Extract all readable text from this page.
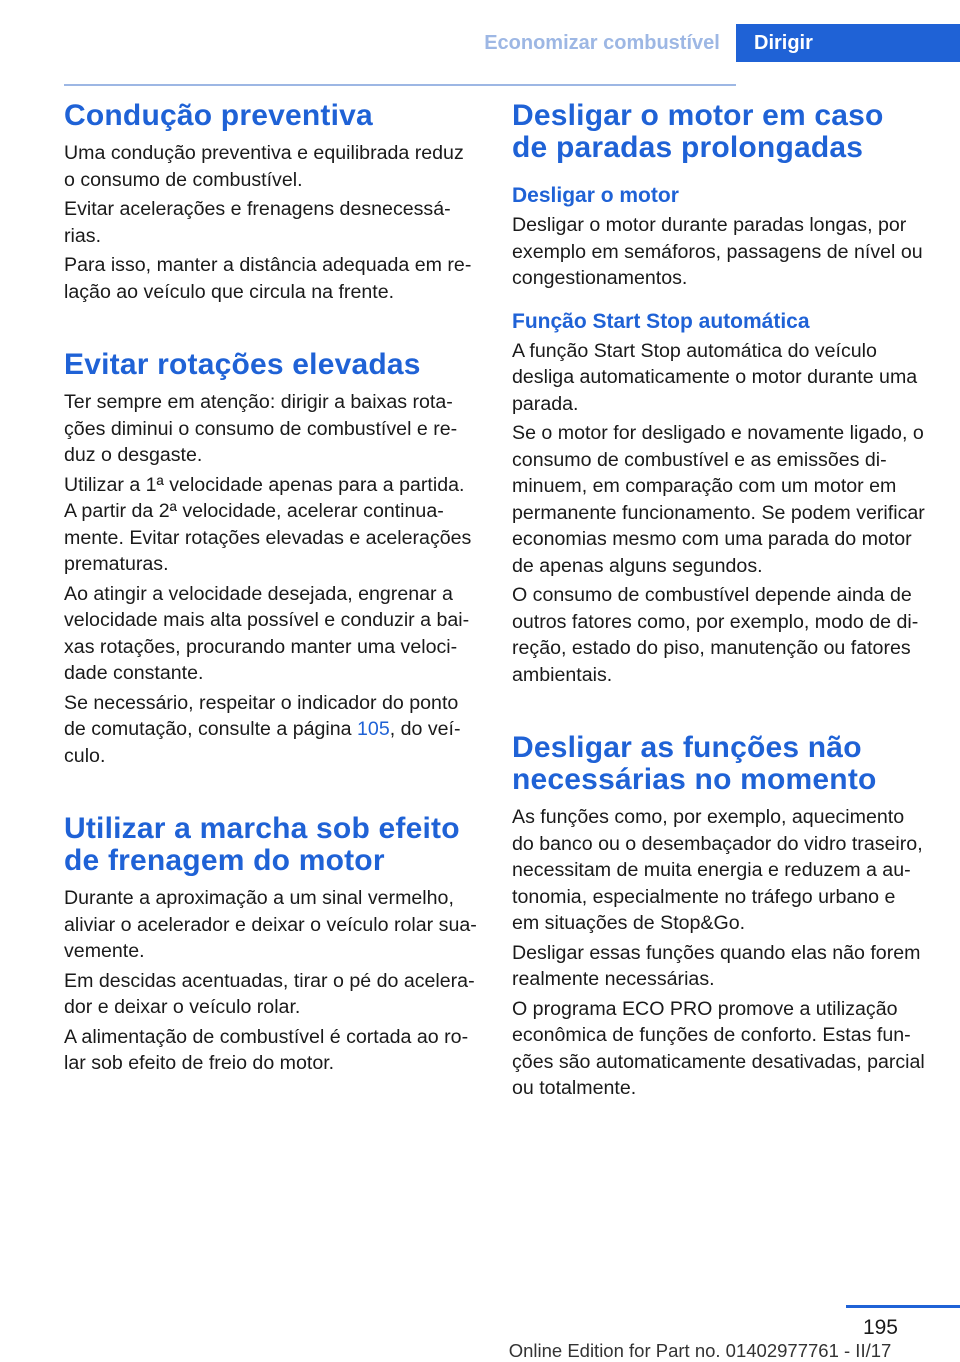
Economizar combustível	Dirigir
Condução preventiva

Uma condução preventiva e equilibrada reduz o consumo de combustível.

Evitar acelerações e frenagens desnecessárias.

Para isso, manter a distância adequada em relação ao veículo que circula na frente.

Evitar rotações elevadas

Ter sempre em atenção: dirigir a baixas rotações diminui o consumo de combustível e reduz o desgaste.

Utilizar a 1ª velocidade apenas para a partida. A partir da 2ª velocidade, acelerar continuamente. Evitar rotações elevadas e acelerações prematuras.

Ao atingir a velocidade desejada, engrenar a velocidade mais alta possível e conduzir a baixas rotações, procurando manter uma velocidade constante.

Se necessário, respeitar o indicador do ponto de comutação, consulte a página 105, do veículo.

Utilizar a marcha sob efeito de frenagem do motor

Durante a aproximação a um sinal vermelho, aliviar o acelerador e deixar o veículo rolar suavemente.

Em descidas acentuadas, tirar o pé do acelerador e deixar o veículo rolar.

A alimentação de combustível é cortada ao rolar sob efeito de freio do motor.

Desligar o motor em caso de paradas prolongadas
Desligar o motor

Desligar o motor durante paradas longas, por exemplo em semáforos, passagens de nível ou congestionamentos.

Função Start Stop automática

A função Start Stop automática do veículo desliga automaticamente o motor durante uma parada.

Se o motor for desligado e novamente ligado, o consumo de combustível e as emissões diminuem, em comparação com um motor em permanente funcionamento. Se podem verificar economias mesmo com uma parada do motor de apenas alguns segundos.

O consumo de combustível depende ainda de outros fatores como, por exemplo, modo de direção, estado do piso, manutenção ou fatores ambientais.

Desligar as funções não necessárias no momento

As funções como, por exemplo, aquecimento do banco ou o desembaçador do vidro traseiro, necessitam de muita energia e reduzem a autonomia, especialmente no tráfego urbano e em situações de Stop&Go.

Desligar essas funções quando elas não forem realmente necessárias.

O programa ECO PRO promove a utilização econômica de funções de conforto. Estas funções são automaticamente desativadas, parcial ou totalmente.

195
Online Edition for Part no. 01402977761 - II/17
